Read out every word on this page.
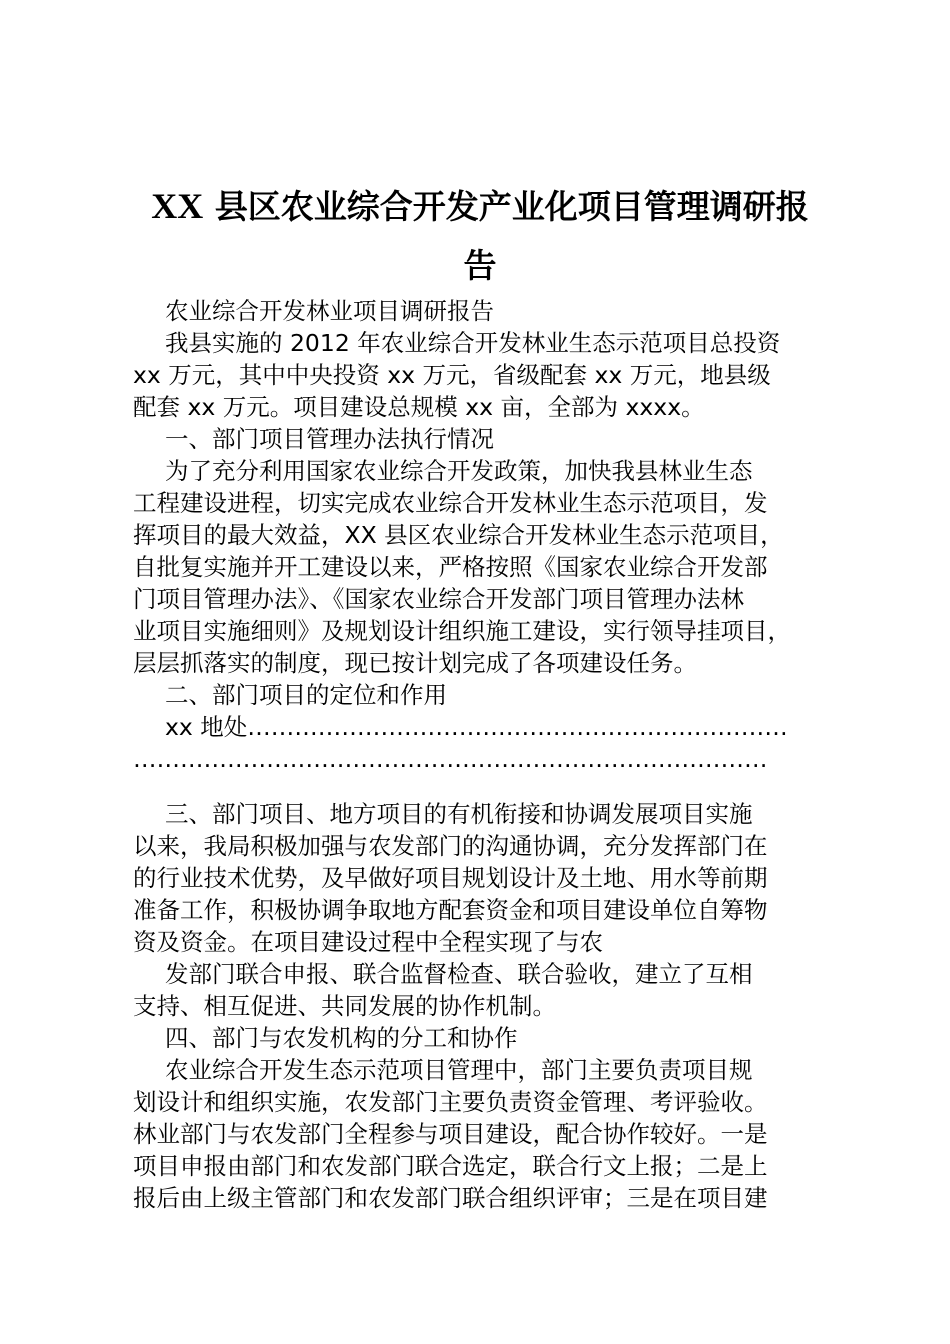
XX 县区农业综合开发产业化项目管理调研报
告
农业综合开发林业项目调研报告
我县实施的 2012 年农业综合开发林业生态示范项目总投资
xx 万元，其中中央投资 xx 万元，省级配套 xx 万元，地县级
配套 xx 万元。项目建设总规模 xx 亩，全部为 xxxx。
一、部门项目管理办法执行情况
为了充分利用国家农业综合开发政策，加快我县林业生态
工程建设进程，切实完成农业综合开发林业生态示范项目，发
挥项目的最大效益，XX 县区农业综合开发林业生态示范项目，
自批复实施并开工建设以来，严格按照《国家农业综合开发部
门项目管理办法》、《国家农业综合开发部门项目管理办法林
业项目实施细则》及规划设计组织施工建设，实行领导挂项目，
层层抓落实的制度，现已按计划完成了各项建设任务。
二、部门项目的定位和作用
xx 地处……………………………………………………………
………………………………………………………………………
三、部门项目、地方项目的有机衔接和协调发展项目实施
以来，我局积极加强与农发部门的沟通协调，充分发挥部门在
的行业技术优势，及早做好项目规划设计及土地、用水等前期
准备工作，积极协调争取地方配套资金和项目建设单位自筹物
资及资金。在项目建设过程中全程实现了与农
发部门联合申报、联合监督检查、联合验收，建立了互相
支持、相互促进、共同发展的协作机制。
四、部门与农发机构的分工和协作
农业综合开发生态示范项目管理中，部门主要负责项目规
划设计和组织实施，农发部门主要负责资金管理、考评验收。
林业部门与农发部门全程参与项目建设，配合协作较好。一是
项目申报由部门和农发部门联合选定，联合行文上报；二是上
报后由上级主管部门和农发部门联合组织评审；三是在项目建
